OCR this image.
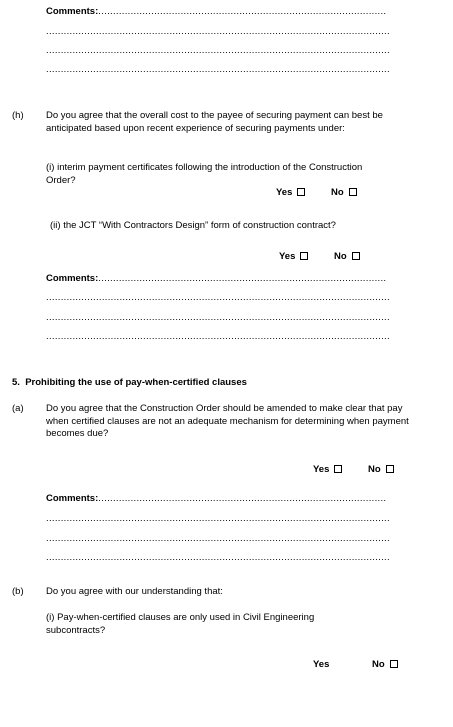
Comments:..................................................................................................
.....................................................................................................................
.....................................................................................................................
.....................................................................................................................
(h) Do you agree that the overall cost to the payee of securing payment can best be anticipated based upon recent experience of securing payments under:
(i) interim payment certificates following the introduction of the Construction Order?
Yes	No
(ii) the JCT “With Contractors Design” form of construction contract?
Yes	No
Comments:..................................................................................................
.....................................................................................................................
.....................................................................................................................
.....................................................................................................................
5.  Prohibiting the use of pay-when-certified clauses
(a) Do you agree that the Construction Order should be amended to make clear that pay when certified clauses are not an adequate mechanism for determining when payment becomes due?
Yes	No
Comments:..................................................................................................
.....................................................................................................................
.....................................................................................................................
.....................................................................................................................
(b) Do you agree with our understanding that:
(i) Pay-when-certified clauses are only used in Civil Engineering subcontracts?
Yes	No
